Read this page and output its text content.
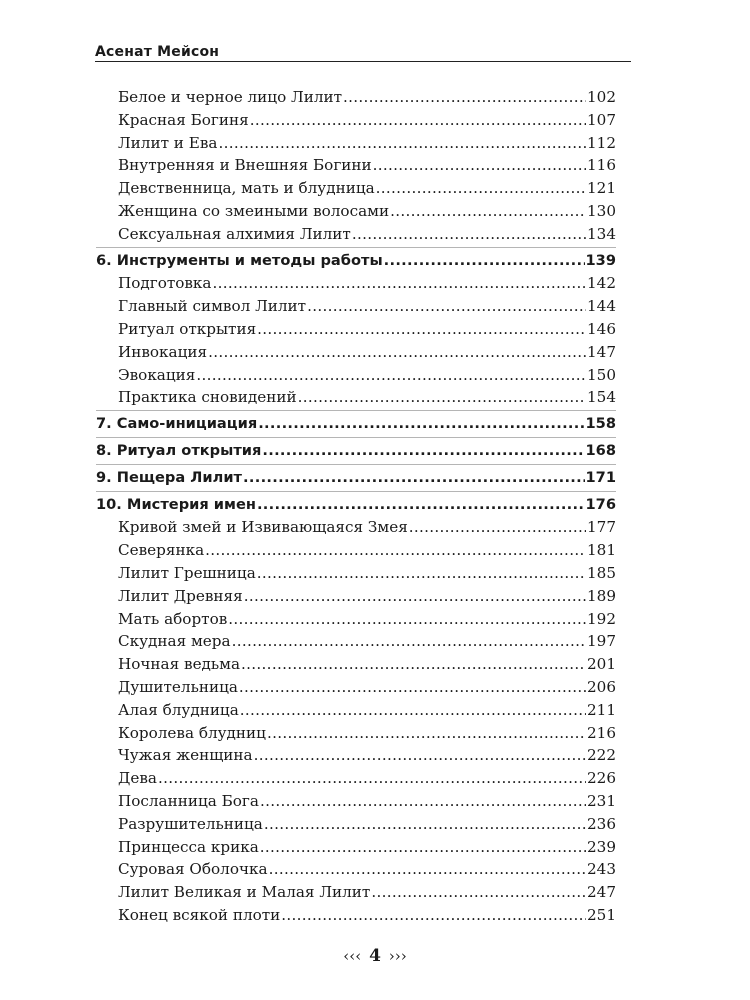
Асенат Мейсон
Белое и черное лицо Лилит .....	102
Красная Богиня .....	107
Лилит и Ева .....	112
Внутренняя и Внешняя Богини .....	116
Девственница, мать и блудница .....	121
Женщина со змеиными волосами .....	130
Сексуальная алхимия Лилит .....	134
6. Инструменты и методы работы .....	139
Подготовка .....	142
Главный символ Лилит .....	144
Ритуал открытия .....	146
Инвокация .....	147
Эвокация .....	150
Практика сновидений .....	154
7. Само-инициация .....	158
8. Ритуал открытия .....	168
9. Пещера Лилит .....	171
10. Мистерия имен .....	176
Кривой змей и Извивающаяся Змея .....	177
Северянка .....	181
Лилит Грешница .....	185
Лилит Древняя .....	189
Мать абортов .....	192
Скудная мера .....	197
Ночная ведьма .....	201
Душительница .....	206
Алая блудница .....	211
Королева блудниц .....	216
Чужая женщина .....	222
Дева .....	226
Посланница Бога .....	231
Разрушительница .....	236
Принцесса крика .....	239
Суровая Оболочка .....	243
Лилит Великая и Малая Лилит .....	247
Конец всякой плоти .....	251
‹‹‹ 4 ›››
